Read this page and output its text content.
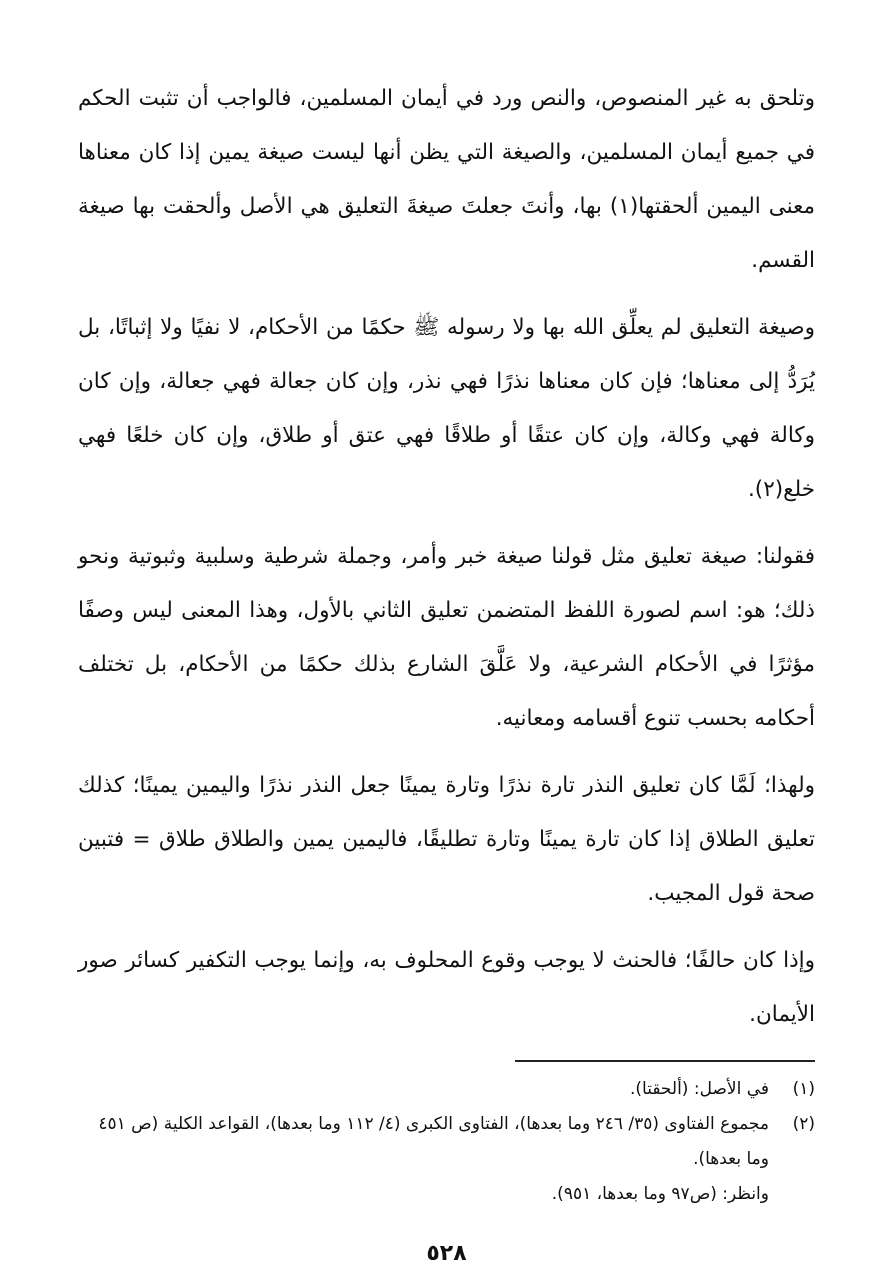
وتلحق به غير المنصوص، والنص ورد في أيمان المسلمين، فالواجب أن تثبت الحكم في جميع أيمان المسلمين، والصيغة التي يظن أنها ليست صيغة يمين إذا كان معناها معنى اليمين ألحقتها(١) بها، وأنتَ جعلتَ صيغةَ التعليق هي الأصل وألحقت بها صيغة القسم.

وصيغة التعليق لم يعلِّق الله بها ولا رسوله ﷺ حكمًا من الأحكام، لا نفيًا ولا إثباتًا، بل يُرَدُّ إلى معناها؛ فإن كان معناها نذرًا فهي نذر، وإن كان جعالة فهي جعالة، وإن كان وكالة فهي وكالة، وإن كان عتقًا أو طلاقًا فهي عتق أو طلاق، وإن كان خلعًا فهي خلع(٢).

فقولنا: صيغة تعليق مثل قولنا صيغة خبر وأمر، وجملة شرطية وسلبية وثبوتية ونحو ذلك؛ هو: اسم لصورة اللفظ المتضمن تعليق الثاني بالأول، وهذا المعنى ليس وصفًا مؤثرًا في الأحكام الشرعية، ولا عَلَّقَ الشارع بذلك حكمًا من الأحكام، بل تختلف أحكامه بحسب تنوع أقسامه ومعانيه.

ولهذا؛ لَمَّا كان تعليق النذر تارة نذرًا وتارة يمينًا جعل النذر نذرًا واليمين يمينًا؛ كذلك تعليق الطلاق إذا كان تارة يمينًا وتارة تطليقًا، فاليمين يمين والطلاق طلاق = فتبين صحة قول المجيب.

وإذا كان حالفًا؛ فالحنث لا يوجب وقوع المحلوف به، وإنما يوجب التكفير كسائر صور الأيمان.

(١)
في الأصل: (ألحقتا).
(٢)
مجموع الفتاوى (٣٥/ ٢٤٦ وما بعدها)، الفتاوى الكبرى (٤/ ١١٢ وما بعدها)، القواعد الكلية (ص ٤٥١ وما بعدها).
وانظر: (ص٩٧ وما بعدها، ٩٥١).
٥٢٨
